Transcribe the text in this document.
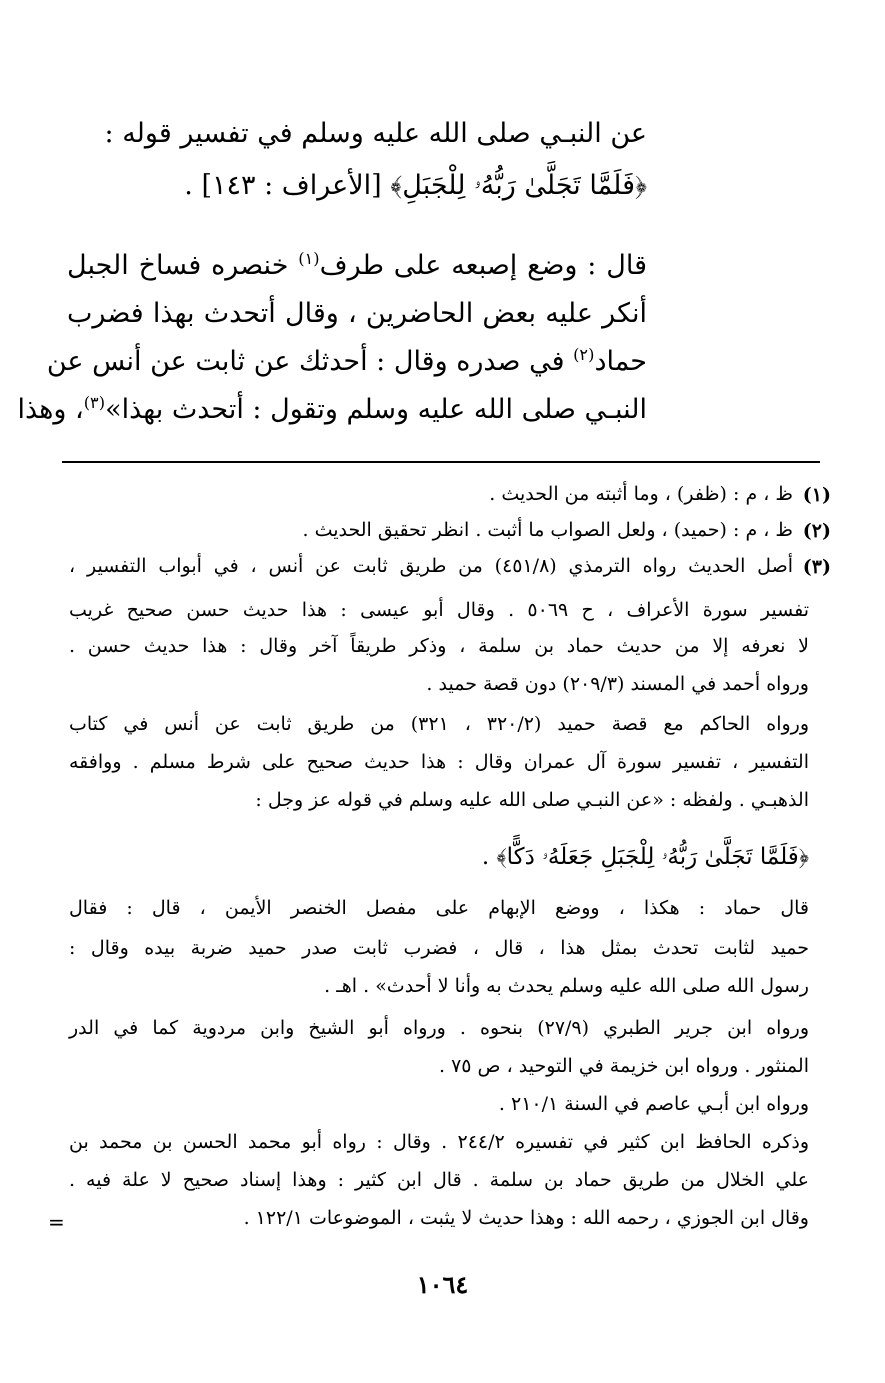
عن النبـي صلى الله عليه وسلم في تفسير قوله :
﴿فَلَمَّا تَجَلَّىٰ رَبُّهُۥ لِلْجَبَلِ﴾ [الأعراف : ١٤٣] .
قال : وضع إصبعه على طرف$^{(١)}$ خنصره فساخ الجبل
أنكر عليه بعض الحاضرين ، وقال أتحدث بهذا فضرب
حماد$^{(٢)}$ في صدره وقال : أحدثك عن ثابت عن أنس عن
النبـي صلى الله عليه وسلم وتقول : أتحدث بهذا»$^{(٣)}$، وهذا
(١)
ظ ، م : (ظفر) ، وما أثبته من الحديث .
(٢)
ظ ، م : (حميد) ، ولعل الصواب ما أثبت . انظر تحقيق الحديث .
(٣)
أصل الحديث رواه الترمذي (٤٥١/٨) من طريق ثابت عن أنس ، في أبواب التفسير ،
تفسير سورة الأعراف ، ح ٥٠٦٩ . وقال أبو عيسى : هذا حديث حسن صحيح غريب
لا نعرفه إلا من حديث حماد بن سلمة ، وذكر طريقاً آخر وقال : هذا حديث حسن .
ورواه أحمد في المسند (٢٠٩/٣) دون قصة حميد .
ورواه الحاكم مع قصة حميد (٣٢٠/٢ ، ٣٢١) من طريق ثابت عن أنس في كتاب
التفسير ، تفسير سورة آل عمران وقال : هذا حديث صحيح على شرط مسلم . ووافقه
الذهبـي . ولفظه : «عن النبـي صلى الله عليه وسلم في قوله عز وجل :
﴿فَلَمَّا تَجَلَّىٰ رَبُّهُۥ لِلْجَبَلِ جَعَلَهُۥ دَكًّا﴾ .
قال حماد : هكذا ، ووضع الإبهام على مفصل الخنصر الأيمن ، قال : فقال
حميد لثابت تحدث بمثل هذا ، قال ، فضرب ثابت صدر حميد ضربة بيده وقال :
رسول الله صلى الله عليه وسلم يحدث به وأنا لا أحدث» . اهـ .
ورواه ابن جرير الطبري (٢٧/٩) بنحوه . ورواه أبو الشيخ وابن مردوية كما في الدر
المنثور . ورواه ابن خزيمة في التوحيد ، ص ٧٥ .
ورواه ابن أبـي عاصم في السنة ٢١٠/١ .
وذكره الحافظ ابن كثير في تفسيره ٢٤٤/٢ . وقال : رواه أبو محمد الحسن بن محمد بن
علي الخلال من طريق حماد بن سلمة . قال ابن كثير : وهذا إسناد صحيح لا علة فيه .
وقال ابن الجوزي ، رحمه الله : وهذا حديث لا يثبت ، الموضوعات ١٢٢/١ .
=
١٠٦٤
